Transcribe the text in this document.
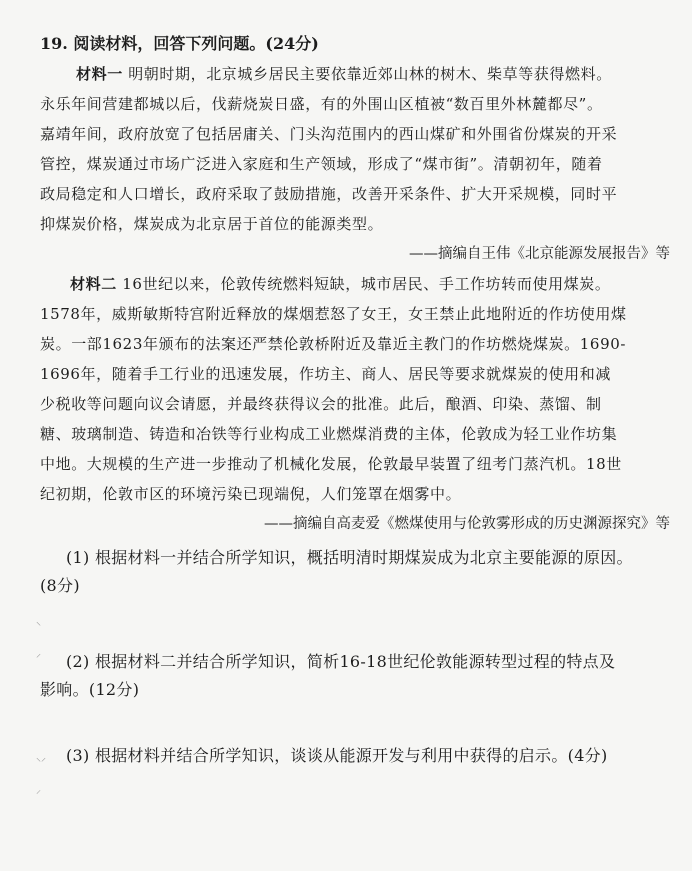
19. 阅读材料，回答下列问题。(24分)
材料一 明朝时期，北京城乡居民主要依靠近郊山林的树木、柴草等获得燃料。
永乐年间营建都城以后，伐薪烧炭日盛，有的外围山区植被“数百里外林麓都尽”。
嘉靖年间，政府放宽了包括居庸关、门头沟范围内的西山煤矿和外围省份煤炭的开采
管控，煤炭通过市场广泛进入家庭和生产领域，形成了“煤市街”。清朝初年，随着
政局稳定和人口增长，政府采取了鼓励措施，改善开采条件、扩大开采规模，同时平
抑煤炭价格，煤炭成为北京居于首位的能源类型。
——摘编自王伟《北京能源发展报告》等
材料二 16世纪以来，伦敦传统燃料短缺，城市居民、手工作坊转而使用煤炭。
1578年，威斯敏斯特宫附近释放的煤烟惹怒了女王，女王禁止此地附近的作坊使用煤
炭。一部1623年颁布的法案还严禁伦敦桥附近及靠近主教门的作坊燃烧煤炭。1690-
1696年，随着手工行业的迅速发展，作坊主、商人、居民等要求就煤炭的使用和减
少税收等问题向议会请愿，并最终获得议会的批准。此后，酿酒、印染、蒸馏、制
糖、玻璃制造、铸造和冶铁等行业构成工业燃煤消费的主体，伦敦成为轻工业作坊集
中地。大规模的生产进一步推动了机械化发展，伦敦最早装置了纽考门蒸汽机。18世
纪初期，伦敦市区的环境污染已现端倪，人们笼罩在烟雾中。
——摘编自高麦爱《燃煤使用与伦敦雾形成的历史渊源探究》等
(1) 根据材料一并结合所学知识，概括明清时期煤炭成为北京主要能源的原因。
(8分)
(2) 根据材料二并结合所学知识，简析16-18世纪伦敦能源转型过程的特点及
影响。(12分)
(3) 根据材料并结合所学知识，谈谈从能源开发与利用中获得的启示。(4分)
⸌
⸍
⸌⸍
⸝
